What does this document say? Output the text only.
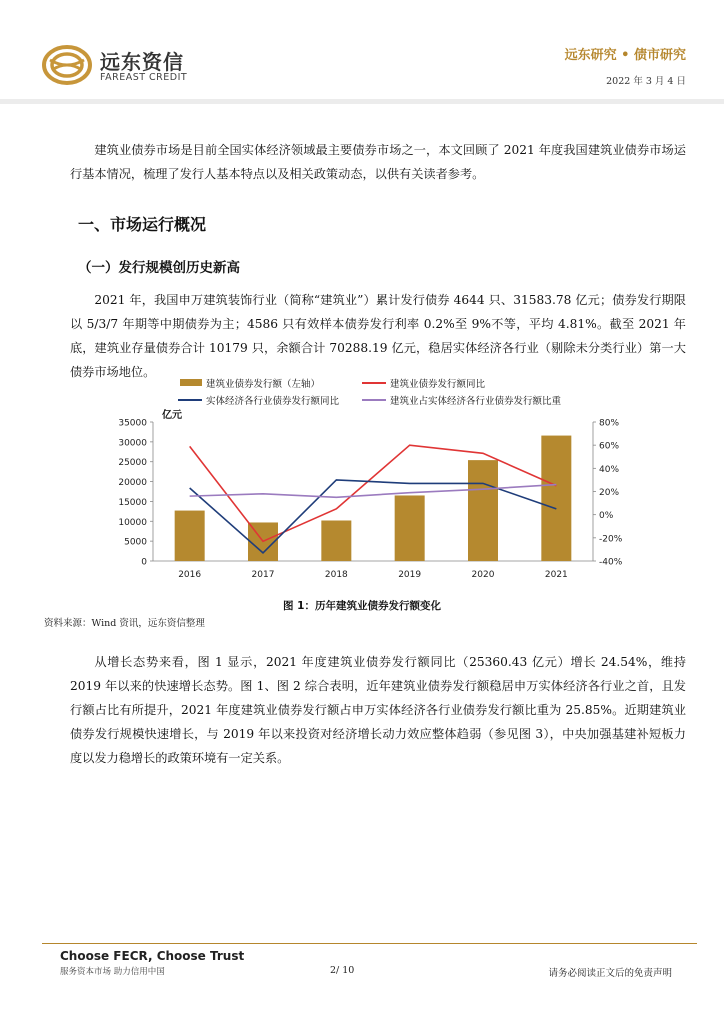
远东资信
FAREAST CREDIT
远东研究 • 债市研究
2022 年 3 月 4 日
建筑业债券市场是目前全国实体经济领域最主要债券市场之一，本文回顾了 2021 年度我国建筑业债券市场运行基本情况，梳理了发行人基本特点以及相关政策动态，以供有关读者参考。
一、市场运行概况
（一）发行规模创历史新高
2021 年，我国申万建筑装饰行业（简称“建筑业”）累计发行债券 4644 只、31583.78 亿元；债券发行期限以 5/3/7 年期等中期债券为主；4586 只有效样本债券发行利率 0.2%至 9%不等，平均 4.81%。截至 2021 年底，建筑业存量债券合计 10179 只，余额合计 70288.19 亿元，稳居实体经济各行业（剔除未分类行业）第一大债券市场地位。
建筑业债券发行额（左轴）	建筑业债券发行额同比
实体经济各行业债券发行额同比	建筑业占实体经济各行业债券发行额比重
亿元
0
5000
10000
15000
20000
25000
30000
35000
-40%
-20%
0%
20%
40%
60%
80%
2016	2017	2018	2019	2020	2021
图 1：历年建筑业债券发行额变化
资料来源：Wind 资讯，远东资信整理
从增长态势来看，图 1 显示，2021 年度建筑业债券发行额同比（25360.43 亿元）增长 24.54%，维持 2019 年以来的快速增长态势。图 1、图 2 综合表明，近年建筑业债券发行额稳居申万实体经济各行业之首，且发行额占比有所提升，2021 年度建筑业债券发行额占申万实体经济各行业债券发行额比重为 25.85%。近期建筑业债券发行规模快速增长，与 2019 年以来投资对经济增长动力效应整体趋弱（参见图 3），中央加强基建补短板力度以发力稳增长的政策环境有一定关系。
Choose FECR, Choose Trust
服务资本市场 助力信用中国	2/ 10	请务必阅读正文后的免责声明
